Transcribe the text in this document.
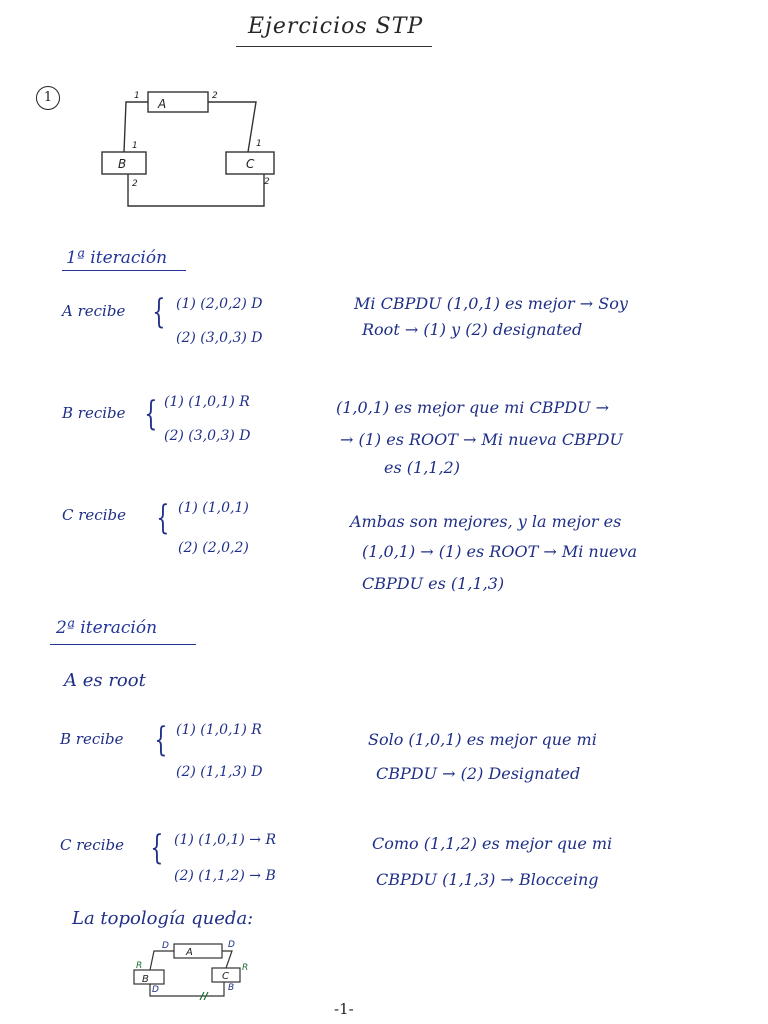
Ejercicios STP
1	A
B	C
1	2
1
2
1
2
1ª iteración
A recibe { (1) (2,0,2) D
(2) (3,0,3) D
Mi CBPDU (1,0,1) es mejor → Soy
Root → (1) y (2) designated
B recibe { (1) (1,0,1) R
(2) (3,0,3) D
(1,0,1) es mejor que mi CBPDU →
→ (1) es ROOT → Mi nueva CBPDU
es (1,1,2)
C recibe { (1) (1,0,1)
(2) (2,0,2)
Ambas son mejores, y la mejor es
(1,0,1) → (1) es ROOT → Mi nueva
CBPDU es (1,1,3)
2ª iteración
A es root
B recibe { (1) (1,0,1) R
(2) (1,1,3) D
Solo (1,0,1) es mejor que mi
CBPDU → (2) Designated
C recibe { (1) (1,0,1) → R
(2) (1,1,2) → B
Como (1,1,2) es mejor que mi
CBPDU (1,1,3) → Blocceing
La topología queda:
A
B	C
D	D
R
D
R
B
-1-
